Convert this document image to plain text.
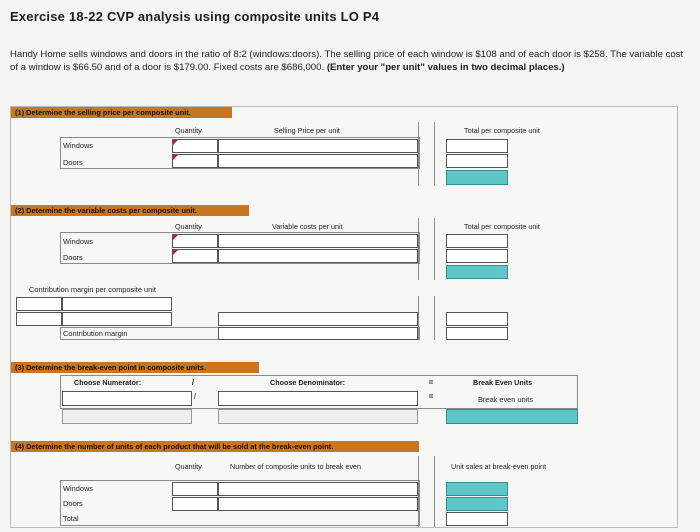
Exercise 18-22 CVP analysis using composite units LO P4
Handy Home sells windows and doors in the ratio of 8:2 (windows:doors). The selling price of each window is $108 and of each door is $258. The variable cost of a window is $66.50 and of a door is $179.00. Fixed costs are $686,000. (Enter your "per unit" values in two decimal places.)
(1) Determine the selling price per composite unit.
Quantity	Selling Price per unit	Total per composite unit
Windows
Doors
(2) Determine the variable costs per composite unit.
Quantity	Variable costs per unit	Total per composite unit
Windows
Doors
Contribution margin per composite unit
Contribution margin
(3) Determine the break-even point in composite units.
Choose Numerator:	/	Choose Denominator:	=	Break Even Units
/	=	Break even units
(4) Determine the number of units of each product that will be sold at the break-even point.
Quantity	Number of composite units to break even	Unit sales at break-even point
Windows
Doors
Total
